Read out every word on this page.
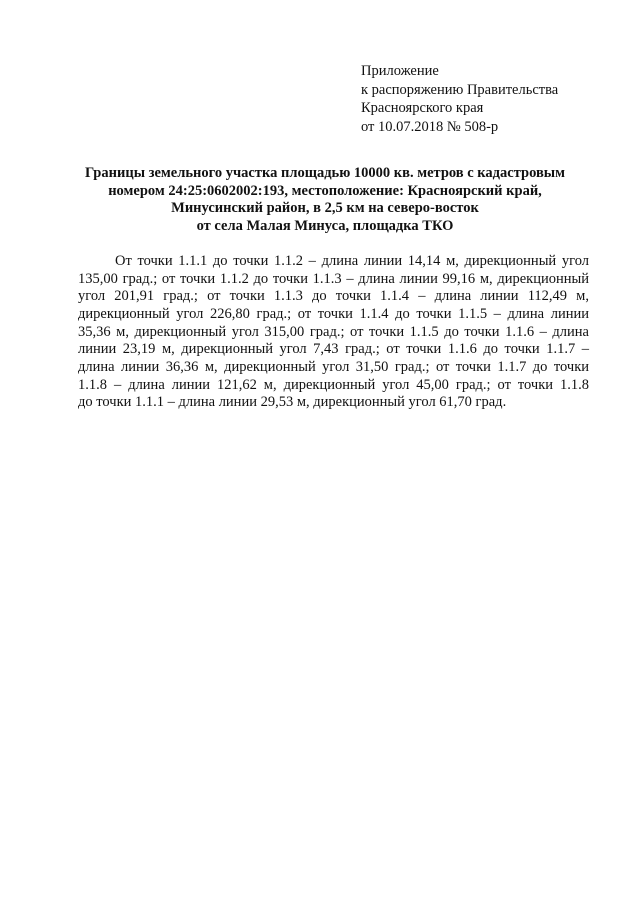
Приложение
к распоряжению Правительства
Красноярского края
от 10.07.2018 № 508-р
Границы земельного участка площадью 10000 кв. метров с кадастровым
номером 24:25:0602002:193, местоположение: Красноярский край,
Минусинский район, в 2,5 км на северо-восток
от села Малая Минуса, площадка ТКО
От точки 1.1.1 до точки 1.1.2 – длина линии 14,14 м, дирекционный угол
135,00 град.; от точки 1.1.2 до точки 1.1.3 – длина линии 99,16 м, дирекционный
угол 201,91 град.; от точки 1.1.3 до точки 1.1.4 – длина линии 112,49 м,
дирекционный угол 226,80 град.; от точки 1.1.4 до точки 1.1.5 – длина линии
35,36 м, дирекционный угол 315,00 град.; от точки 1.1.5 до точки 1.1.6 – длина
линии 23,19 м, дирекционный угол 7,43 град.; от точки 1.1.6 до точки 1.1.7 –
длина линии 36,36 м, дирекционный угол 31,50 град.; от точки 1.1.7 до точки
1.1.8 – длина линии 121,62 м, дирекционный угол 45,00 град.; от точки 1.1.8
до точки 1.1.1 – длина линии 29,53 м, дирекционный угол 61,70 град.
